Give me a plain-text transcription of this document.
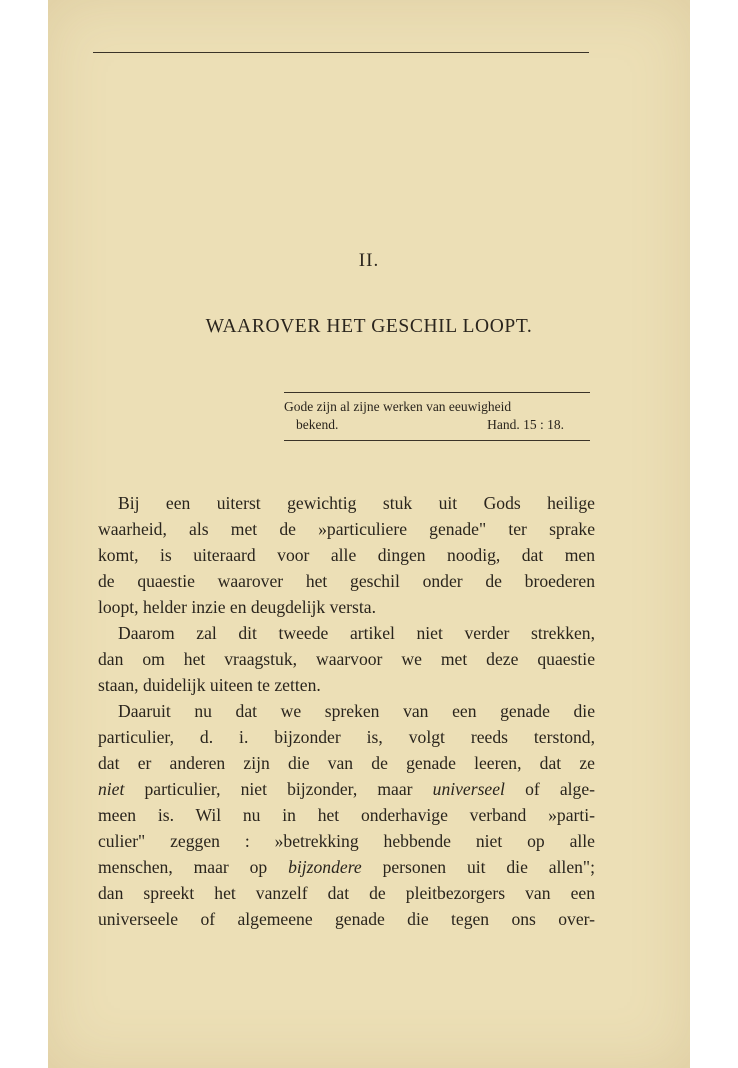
II.
WAAROVER HET GESCHIL LOOPT.
Gode zijn al zijne werken van eeuwigheid
bekend.	Hand. 15 : 18.
Bij een uiterst gewichtig stuk uit Gods heilige
waarheid, als met de »particuliere genade" ter sprake
komt, is uiteraard voor alle dingen noodig, dat men
de quaestie waarover het geschil onder de broederen
loopt, helder inzie en deugdelijk versta.
Daarom zal dit tweede artikel niet verder strekken,
dan om het vraagstuk, waarvoor we met deze quaestie
staan, duidelijk uiteen te zetten.
Daaruit nu dat we spreken van een genade die
particulier, d. i. bijzonder is, volgt reeds terstond,
dat er anderen zijn die van de genade leeren, dat ze
niet particulier, niet bijzonder, maar universeel of alge-
meen is. Wil nu in het onderhavige verband »parti-
culier" zeggen : »betrekking hebbende niet op alle
menschen, maar op bijzondere personen uit die allen";
dan spreekt het vanzelf dat de pleitbezorgers van een
universeele of algemeene genade die tegen ons over-
